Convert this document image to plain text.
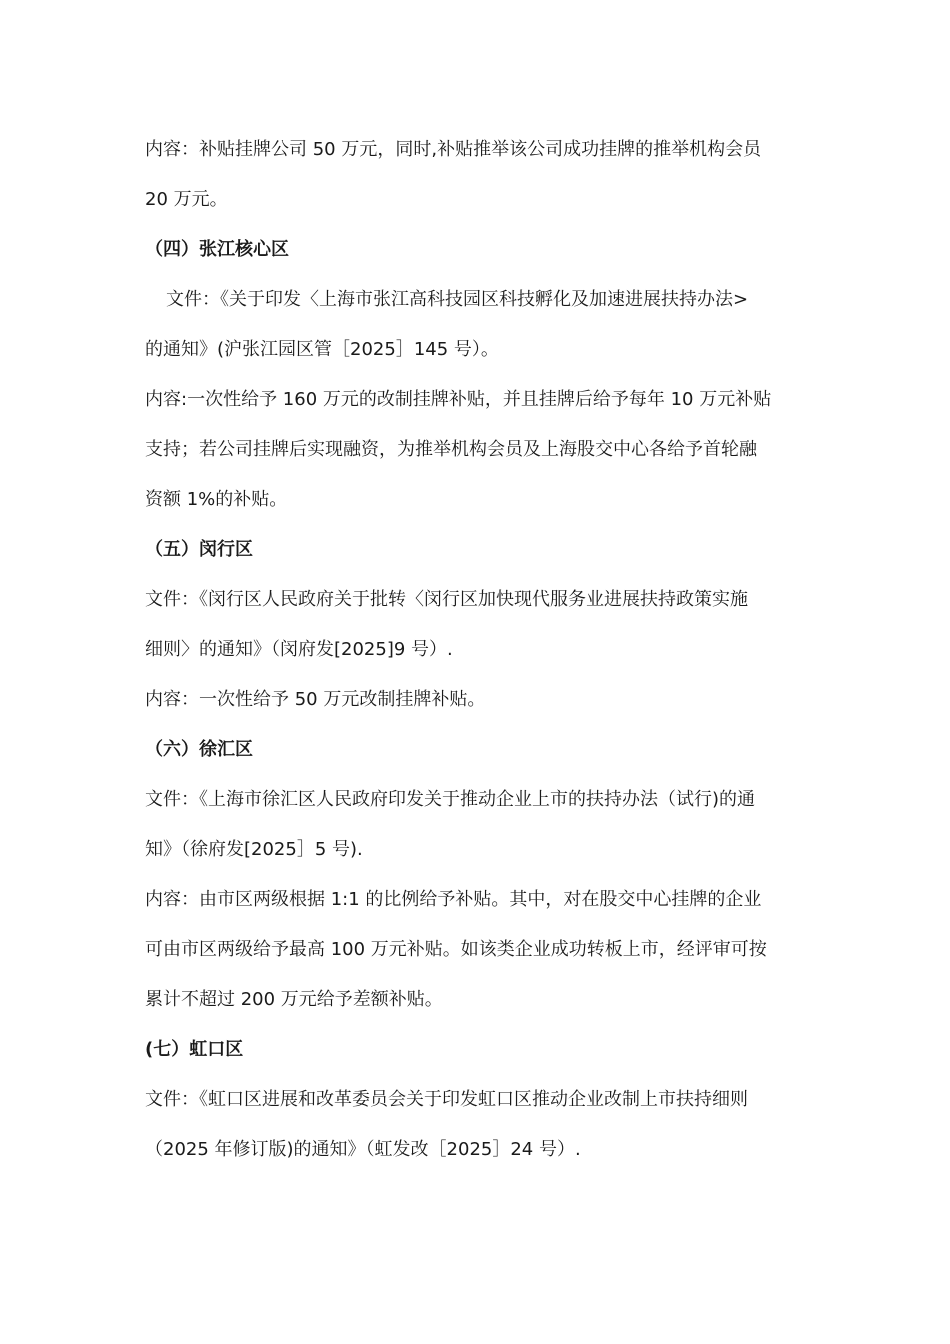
内容：补贴挂牌公司 50 万元，同时,补贴推举该公司成功挂牌的推举机构会员
20 万元。
（四）张江核心区
文件：《关于印发〈上海市张江高科技园区科技孵化及加速进展扶持办法>
的通知》(沪张江园区管［2025］145 号）。
内容:一次性给予 160 万元的改制挂牌补贴，并且挂牌后给予每年 10 万元补贴
支持；若公司挂牌后实现融资，为推举机构会员及上海股交中心各给予首轮融
资额 1%的补贴。
（五）闵行区
文件：《闵行区人民政府关于批转〈闵行区加快现代服务业进展扶持政策实施
细则〉的通知》（闵府发[2025]9 号）.
内容：一次性给予 50 万元改制挂牌补贴。
（六）徐汇区
文件：《上海市徐汇区人民政府印发关于推动企业上市的扶持办法（试行)的通
知》（徐府发[2025］5 号).
内容：由市区两级根据 1:1 的比例给予补贴。其中，对在股交中心挂牌的企业
可由市区两级给予最高 100 万元补贴。如该类企业成功转板上市，经评审可按
累计不超过 200 万元给予差额补贴。
(七）虹口区
文件：《虹口区进展和改革委员会关于印发虹口区推动企业改制上市扶持细则
（2025 年修订版)的通知》（虹发改［2025］24 号）.
